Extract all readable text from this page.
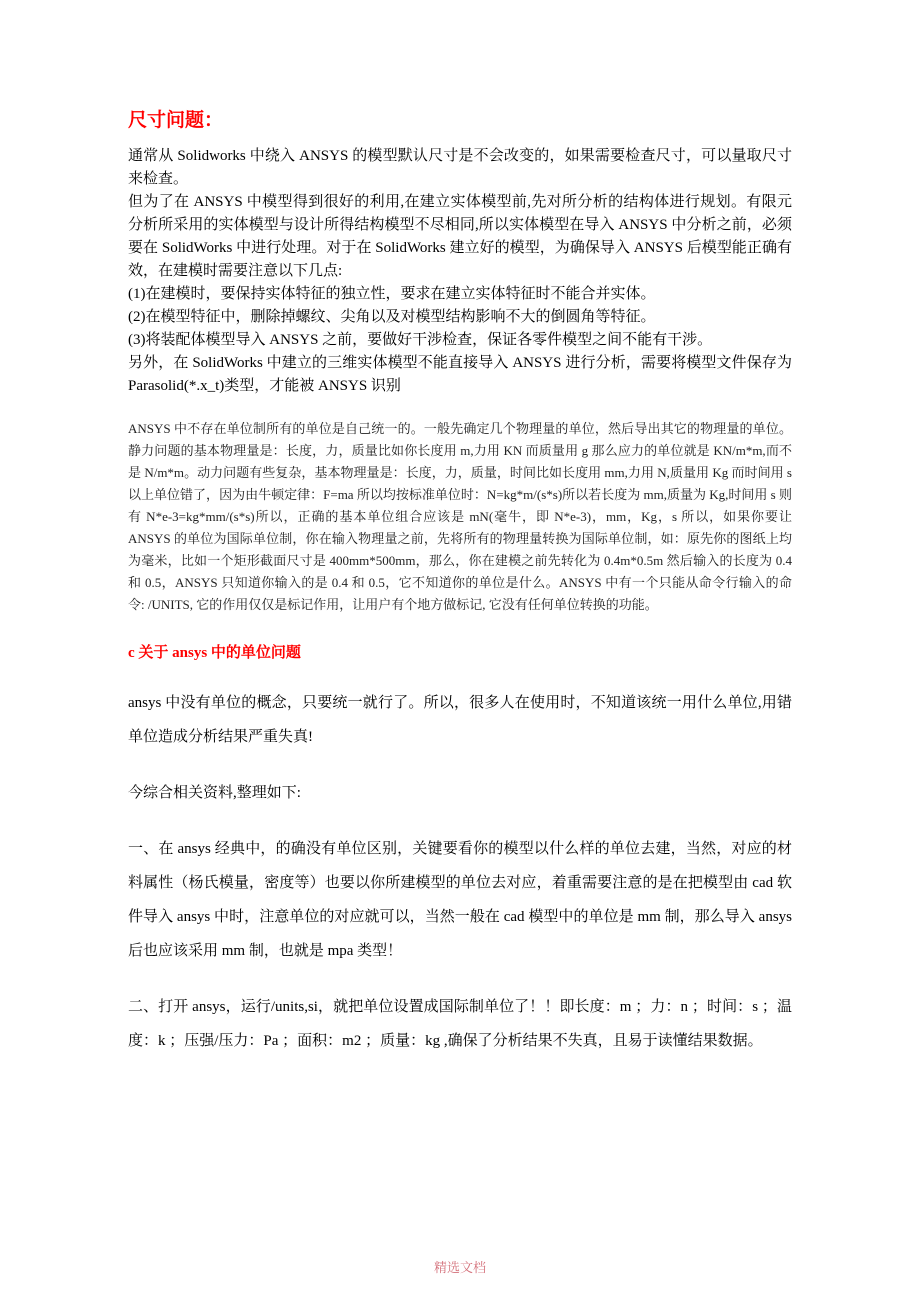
尺寸问题：

通常从 Solidworks 中绕入 ANSYS 的模型默认尺寸是不会改变的，如果需要检查尺寸，可以量取尺寸来检查。

但为了在 ANSYS 中模型得到很好的利用,在建立实体模型前,先对所分析的结构体进行规划。有限元分析所采用的实体模型与设计所得结构模型不尽相同,所以实体模型在导入 ANSYS 中分析之前，必须要在 SolidWorks 中进行处理。对于在 SolidWorks 建立好的模型，为确保导入 ANSYS 后模型能正确有效，在建模时需要注意以下几点:

(1)在建模时，要保持实体特征的独立性，要求在建立实体特征时不能合并实体。

(2)在模型特征中，删除掉螺纹、尖角以及对模型结构影响不大的倒圆角等特征。

(3)将装配体模型导入 ANSYS 之前，要做好干涉检查，保证各零件模型之间不能有干涉。

另外，在 SolidWorks 中建立的三维实体模型不能直接导入 ANSYS 进行分析，需要将模型文件保存为 Parasolid(*.x_t)类型，才能被 ANSYS 识别

ANSYS 中不存在单位制所有的单位是自己统一的。一般先确定几个物理量的单位，然后导出其它的物理量的单位。静力问题的基本物理量是：长度，力，质量比如你长度用 m,力用 KN 而质量用 g 那么应力的单位就是 KN/m*m,而不是 N/m*m。动力问题有些复杂，基本物理量是：长度，力，质量，时间比如长度用 mm,力用 N,质量用 Kg 而时间用 s 以上单位错了，因为由牛顿定律：F=ma 所以均按标准单位时：N=kg*m/(s*s)所以若长度为 mm,质量为 Kg,时间用 s 则有 N*e-3=kg*mm/(s*s)所以，正确的基本单位组合应该是 mN(毫牛，即 N*e-3)，mm，Kg，s 所以，如果你要让 ANSYS 的单位为国际单位制，你在输入物理量之前，先将所有的物理量转换为国际单位制，如：原先你的图纸上均为毫米，比如一个矩形截面尺寸是 400mm*500mm，那么，你在建模之前先转化为 0.4m*0.5m 然后输入的长度为 0.4 和 0.5，ANSYS 只知道你输入的是 0.4 和 0.5，它不知道你的单位是什么。ANSYS 中有一个只能从命令行输入的命令: /UNITS, 它的作用仅仅是标记作用，让用户有个地方做标记, 它没有任何单位转换的功能。

c 关于 ansys 中的单位问题

ansys 中没有单位的概念，只要统一就行了。所以，很多人在使用时，不知道该统一用什么单位,用错单位造成分析结果严重失真!

今综合相关资料,整理如下:

一、在 ansys 经典中，的确没有单位区别，关键要看你的模型以什么样的单位去建，当然，对应的材料属性（杨氏模量，密度等）也要以你所建模型的单位去对应，着重需要注意的是在把模型由 cad 软件导入 ansys 中时，注意单位的对应就可以，当然一般在 cad 模型中的单位是 mm 制，那么导入 ansys 后也应该采用 mm 制，也就是 mpa 类型！

二、打开 ansys，运行/units,si，就把单位设置成国际制单位了！！即长度：m ；力：n ；时间：s ；温度：k ；压强/压力：Pa ；面积：m2 ；质量：kg ,确保了分析结果不失真，且易于读懂结果数据。

精选文档
